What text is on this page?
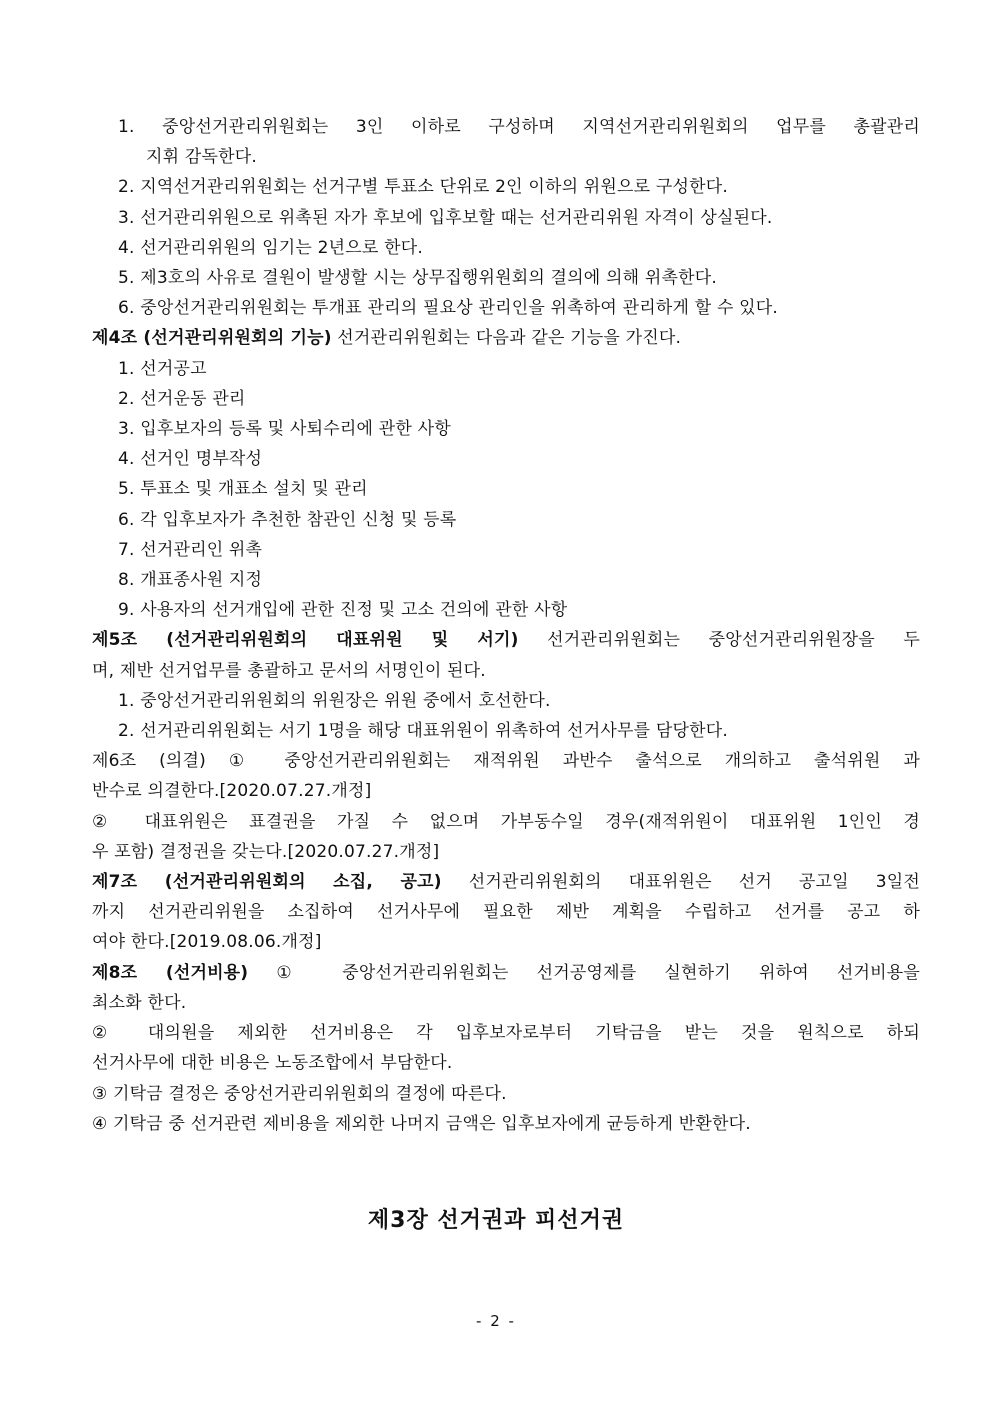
1. 중앙선거관리위원회는 3인 이하로 구성하며 지역선거관리위원회의 업무를 총괄관리
지휘 감독한다.
2. 지역선거관리위원회는 선거구별 투표소 단위로 2인 이하의 위원으로 구성한다.
3. 선거관리위원으로 위촉된 자가 후보에 입후보할 때는 선거관리위원 자격이 상실된다.
4. 선거관리위원의 임기는 2년으로 한다.
5. 제3호의 사유로 결원이 발생할 시는 상무집행위원회의 결의에 의해 위촉한다.
6. 중앙선거관리위원회는 투개표 관리의 필요상 관리인을 위촉하여 관리하게 할 수 있다.
제4조 (선거관리위원회의 기능) 선거관리위원회는 다음과 같은 기능을 가진다.
1. 선거공고
2. 선거운동 관리
3. 입후보자의 등록 및 사퇴수리에 관한 사항
4. 선거인 명부작성
5. 투표소 및 개표소 설치 및 관리
6. 각 입후보자가 추천한 참관인 신청 및 등록
7. 선거관리인 위촉
8. 개표종사원 지정
9. 사용자의 선거개입에 관한 진정 및 고소 건의에 관한 사항
제5조 (선거관리위원회의 대표위원 및 서기) 선거관리위원회는 중앙선거관리위원장을 두
며, 제반 선거업무를 총괄하고 문서의 서명인이 된다.
1. 중앙선거관리위원회의 위원장은 위원 중에서 호선한다.
2. 선거관리위원회는 서기 1명을 해당 대표위원이 위촉하여 선거사무를 담당한다.
제6조 (의결) ① 중앙선거관리위원회는 재적위원 과반수 출석으로 개의하고 출석위원 과
반수로 의결한다.[2020.07.27.개정]
② 대표위원은 표결권을 가질 수 없으며 가부동수일 경우(재적위원이 대표위원 1인인 경
우 포함) 결정권을 갖는다.[2020.07.27.개정]
제7조 (선거관리위원회의 소집, 공고) 선거관리위원회의 대표위원은 선거 공고일 3일전
까지 선거관리위원을 소집하여 선거사무에 필요한 제반 계획을 수립하고 선거를 공고 하
여야 한다.[2019.08.06.개정]
제8조 (선거비용) ① 중앙선거관리위원회는 선거공영제를 실현하기 위하여 선거비용을
최소화 한다.
② 대의원을 제외한 선거비용은 각 입후보자로부터 기탁금을 받는 것을 원칙으로 하되
선거사무에 대한 비용은 노동조합에서 부담한다.
③ 기탁금 결정은 중앙선거관리위원회의 결정에 따른다.
④ 기탁금 중 선거관련 제비용을 제외한 나머지 금액은 입후보자에게 균등하게 반환한다.
제3장 선거권과 피선거권
- 2 -
